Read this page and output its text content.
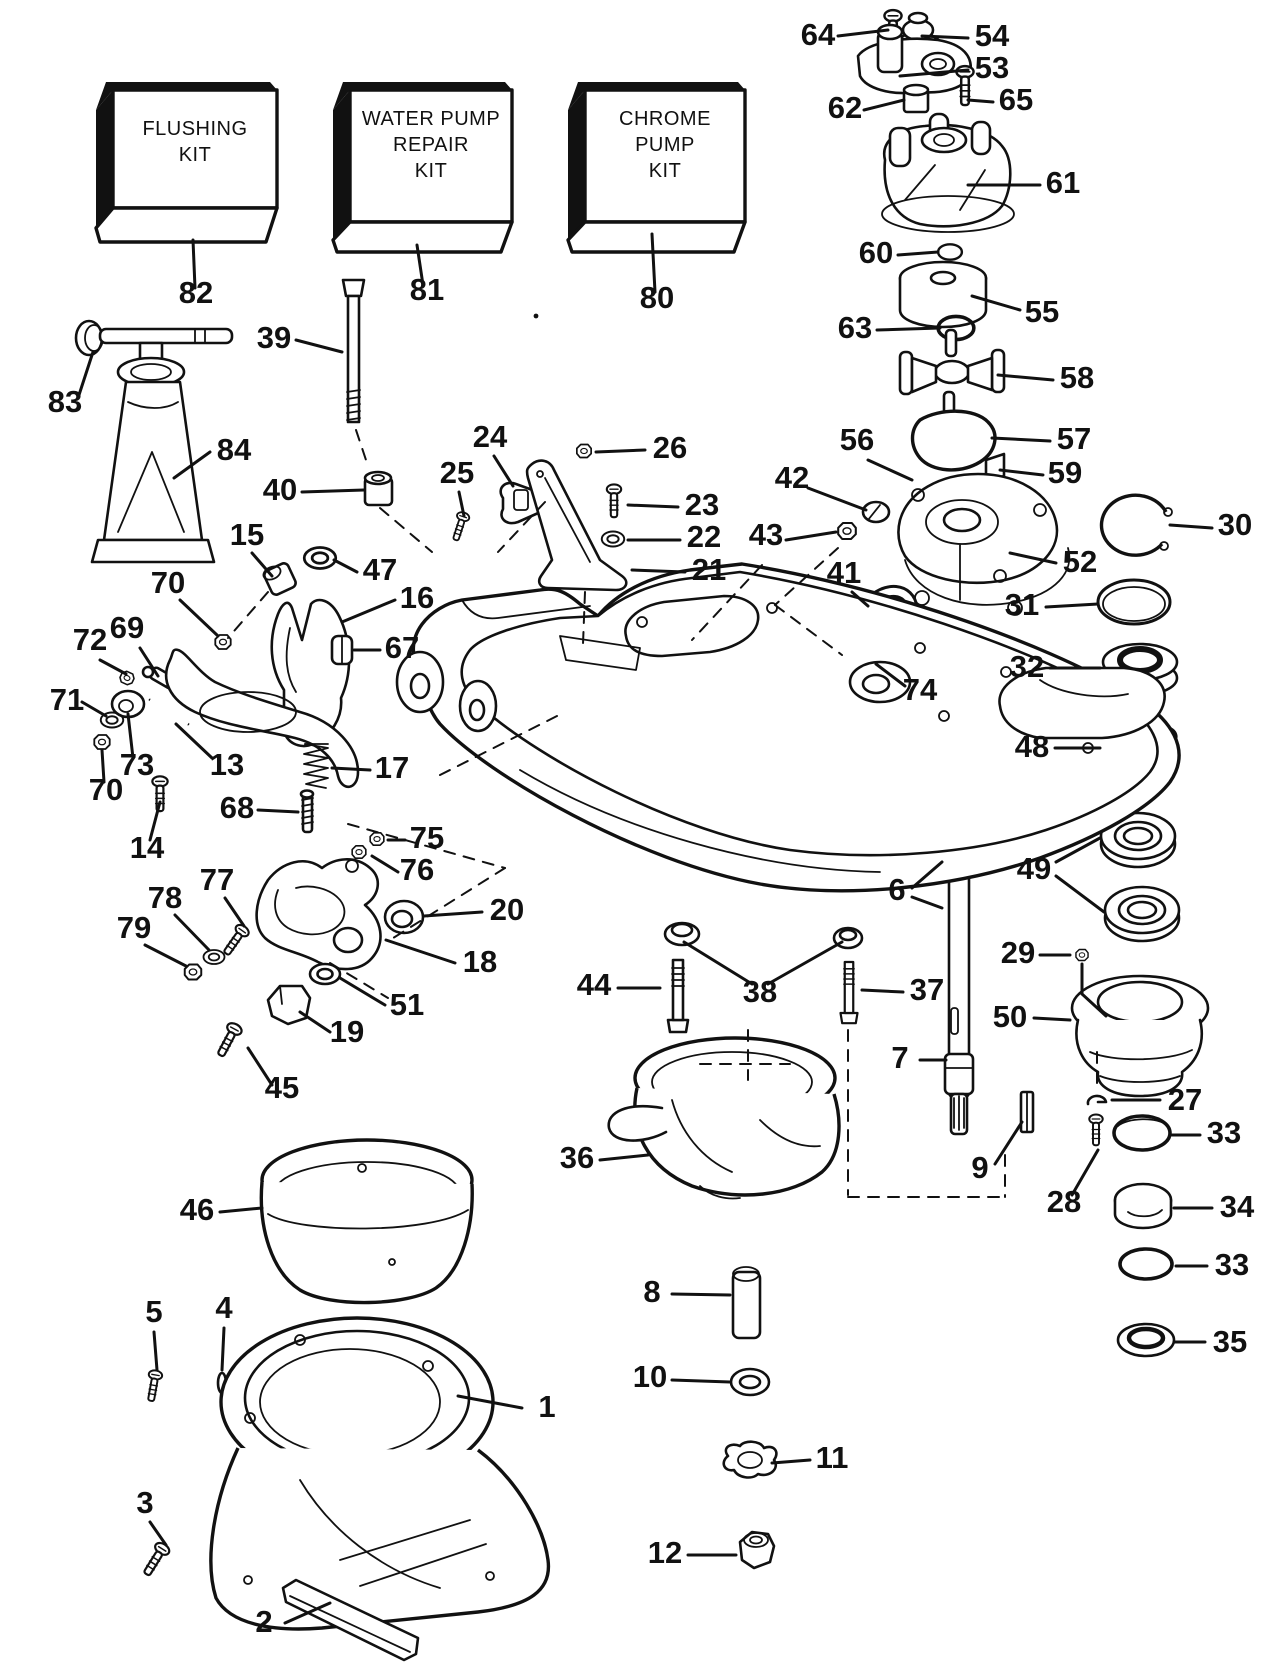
FLUSHING KIT
WATER PUMP REPAIR KIT
CHROME PUMP KIT
64	54
53
62	65
61
60
55
63
58
57
56
59
42
43	30
52
31
41
32
74
48
6
49
29
50
27
33
9
28	34
33
35
82	81	80
83
84
39
40
24
25
26
23
22
21
15
47
70	16
69
72	67
71
73 13
70
14
17
68
75
76
77
78
79
20
18
51
19
45
46
44	38	37
36
7
8
10
11
12
5 4
1
3
2
